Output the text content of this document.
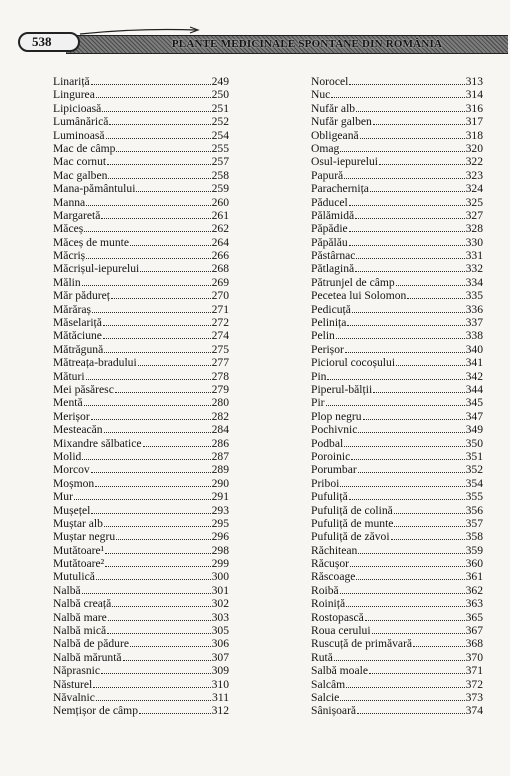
PLANTE MEDICINALE SPONTANE DIN ROMÂNIA
538
Linariță	249
Lingurea	250
Lipicioasă	251
Lumânărică	252
Luminoasă	254
Mac de câmp	255
Mac cornut	257
Mac galben	258
Mana-pământului	259
Manna	260
Margaretă	261
Măceș	262
Măceș de munte	264
Măcriș	266
Măcrișul-iepurelui	268
Mălin	269
Măr pădureț	270
Mărăraș	271
Măselariță	272
Mătăciune	274
Mătrăgună	275
Mătreața-bradului	277
Mături	278
Mei păsăresc	279
Mentă	280
Merișor	282
Mesteacăn	284
Mixandre sălbatice	286
Molid	287
Morcov	289
Moșmon	290
Mur	291
Mușețel	293
Muștar alb	295
Muștar negru	296
Mutătoare¹	298
Mutătoare²	299
Mutulică	300
Nalbă	301
Nalbă creață	302
Nalbă mare	303
Nalbă mică	305
Nalbă de pădure	306
Nalbă măruntă	307
Năprasnic	309
Năsturel	310
Năvalnic	311
Nemțișor de câmp	312
Norocel	313
Nuc	314
Nufăr alb	316
Nufăr galben	317
Obligeană	318
Omag	320
Osul-iepurelui	322
Papură	323
Parachernița	324
Păducel	325
Pălămidă	327
Păpădie	328
Păpălău	330
Păstârnac	331
Pătlagină	332
Pătrunjel de câmp	334
Pecetea lui Solomon	335
Pedicuță	336
Pelinița	337
Pelin	338
Perișor	340
Piciorul cocoșului	341
Pin	342
Piperul-bălții	344
Pir	345
Plop negru	347
Pochivnic	349
Podbal	350
Poroinic	351
Porumbar	352
Priboi	354
Pufuliță	355
Pufuliță de colină	356
Pufuliță de munte	357
Pufuliță de zăvoi	358
Răchitean	359
Răcușor	360
Răscoage	361
Roibă	362
Roiniță	363
Rostopască	365
Roua cerului	367
Ruscuță de primăvară	368
Rută	370
Salbă moale	371
Salcâm	372
Salcie	373
Sânișoară	374
